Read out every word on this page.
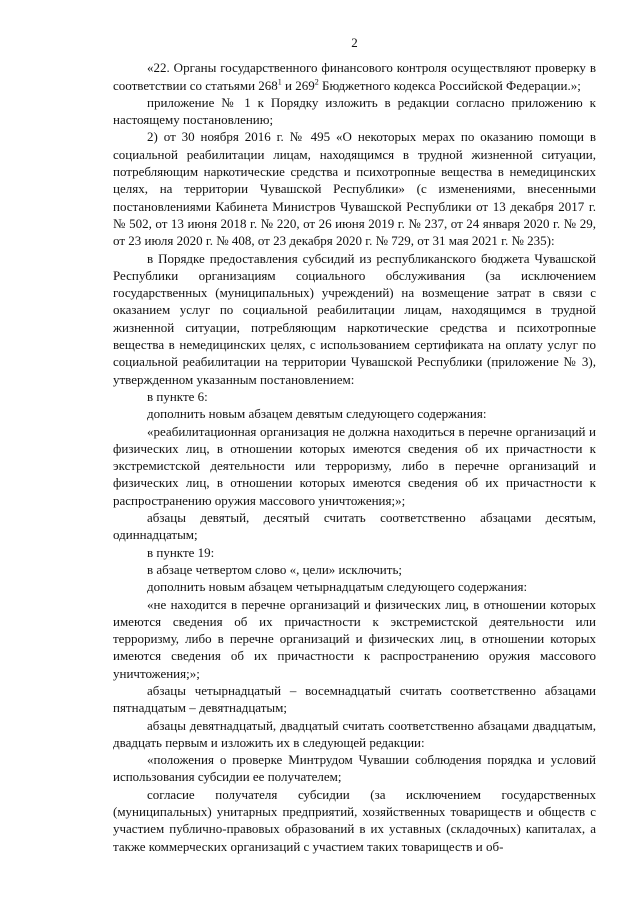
2

«22. Органы государственного финансового контроля осуществляют проверку в соответствии со статьями $268^1$ и $269^2$ Бюджетного кодекса Российской Федерации.»;

приложение № 1 к Порядку изложить в редакции согласно приложению к настоящему постановлению;

2) от 30 ноября 2016 г. № 495 «О некоторых мерах по оказанию помощи в социальной реабилитации лицам, находящимся в трудной жизненной ситуации, потребляющим наркотические средства и психотропные вещества в немедицинских целях, на территории Чувашской Республики» (с изменениями, внесенными постановлениями Кабинета Министров Чувашской Республики от 13 декабря 2017 г. № 502, от 13 июня 2018 г. № 220, от 26 июня 2019 г. № 237, от 24 января 2020 г. № 29, от 23 июля 2020 г. № 408, от 23 декабря 2020 г. № 729, от 31 мая 2021 г. № 235):

в Порядке предоставления субсидий из республиканского бюджета Чувашской Республики организациям социального обслуживания (за исключением государственных (муниципальных) учреждений) на возмещение затрат в связи с оказанием услуг по социальной реабилитации лицам, находящимся в трудной жизненной ситуации, потребляющим наркотические средства и психотропные вещества в немедицинских целях, с использованием сертификата на оплату услуг по социальной реабилитации на территории Чувашской Республики (приложение № 3), утвержденном указанным постановлением:

в пункте 6:

дополнить новым абзацем девятым следующего содержания:

«реабилитационная организация не должна находиться в перечне организаций и физических лиц, в отношении которых имеются сведения об их причастности к экстремистской деятельности или терроризму, либо в перечне организаций и физических лиц, в отношении которых имеются сведения об их причастности к распространению оружия массового уничтожения;»;

абзацы девятый, десятый считать соответственно абзацами десятым, одиннадцатым;

в пункте 19:

в абзаце четвертом слово «, цели» исключить;

дополнить новым абзацем четырнадцатым следующего содержания:

«не находится в перечне организаций и физических лиц, в отношении которых имеются сведения об их причастности к экстремистской деятельности или терроризму, либо в перечне организаций и физических лиц, в отношении которых имеются сведения об их причастности к распространению оружия массового уничтожения;»;

абзацы четырнадцатый – восемнадцатый считать соответственно абзацами пятнадцатым – девятнадцатым;

абзацы девятнадцатый, двадцатый считать соответственно абзацами двадцатым, двадцать первым и изложить их в следующей редакции:

«положения о проверке Минтрудом Чувашии соблюдения порядка и условий использования субсидии ее получателем;

согласие получателя субсидии (за исключением государственных (муниципальных) унитарных предприятий, хозяйственных товариществ и обществ с участием публично-правовых образований в их уставных (складочных) капиталах, а также коммерческих организаций с участием таких товариществ и об-
